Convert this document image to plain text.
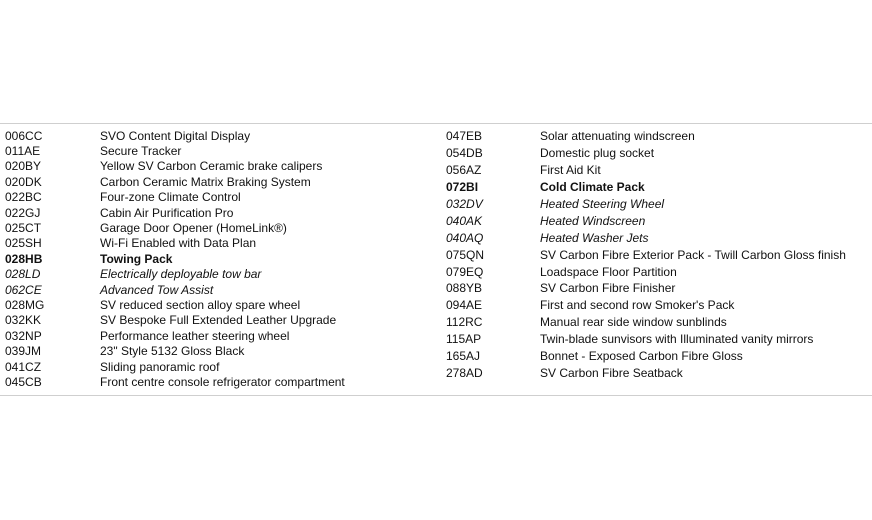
006CC	SVO Content Digital Display
011AE	Secure Tracker
020BY	Yellow SV Carbon Ceramic brake calipers
020DK	Carbon Ceramic Matrix Braking System
022BC	Four-zone Climate Control
022GJ	Cabin Air Purification Pro
025CT	Garage Door Opener (HomeLink®)
025SH	Wi-Fi Enabled with Data Plan
028HB	Towing Pack
028LD	Electrically deployable tow bar
062CE	Advanced Tow Assist
028MG	SV reduced section alloy spare wheel
032KK	SV Bespoke Full Extended Leather Upgrade
032NP	Performance leather steering wheel
039JM	23" Style 5132 Gloss Black
041CZ	Sliding panoramic roof
045CB	Front centre console refrigerator compartment
047EB	Solar attenuating windscreen
054DB	Domestic plug socket
056AZ	First Aid Kit
072BI	Cold Climate Pack
032DV	Heated Steering Wheel
040AK	Heated Windscreen
040AQ	Heated Washer Jets
075QN	SV Carbon Fibre Exterior Pack - Twill Carbon Gloss finish
079EQ	Loadspace Floor Partition
088YB	SV Carbon Fibre Finisher
094AE	First and second row Smoker's Pack
112RC	Manual rear side window sunblinds
115AP	Twin-blade sunvisors with Illuminated vanity mirrors
165AJ	Bonnet - Exposed Carbon Fibre Gloss
278AD	SV Carbon Fibre Seatback
